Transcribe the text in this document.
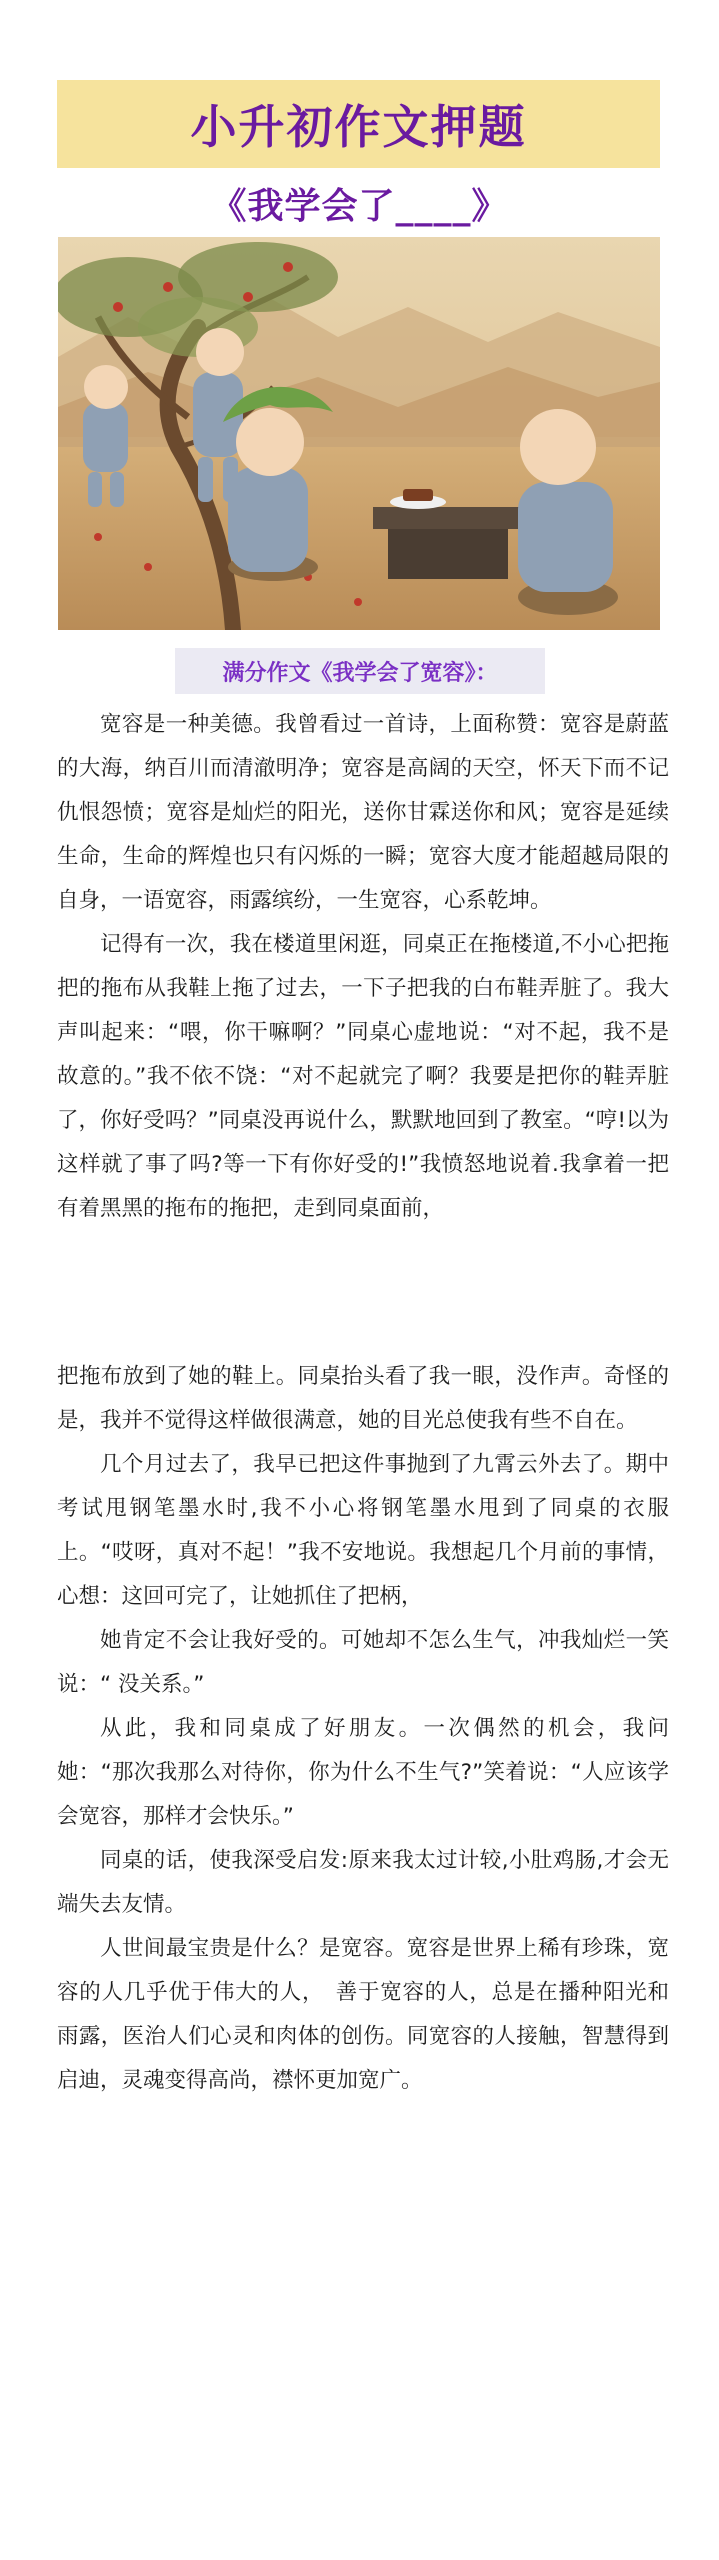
小升初作文押题
《我学会了____》
满分作文《我学会了宽容》：

宽容是一种美德。我曾看过一首诗，上面称赞：宽容是蔚蓝的大海，纳百川而清澈明净；宽容是高阔的天空，怀天下而不记仇恨怨愤；宽容是灿烂的阳光，送你甘霖送你和风；宽容是延续生命，生命的辉煌也只有闪烁的一瞬；宽容大度才能超越局限的自身，一语宽容，雨露缤纷，一生宽容，心系乾坤。

记得有一次，我在楼道里闲逛，同桌正在拖楼道,不小心把拖把的拖布从我鞋上拖了过去，一下子把我的白布鞋弄脏了。我大声叫起来：“喂，你干嘛啊？”同桌心虚地说：“对不起，我不是故意的。”我不依不饶：“对不起就完了啊？我要是把你的鞋弄脏了，你好受吗？”同桌没再说什么，默默地回到了教室。“哼!以为这样就了事了吗?等一下有你好受的!”我愤怒地说着.我拿着一把有着黑黑的拖布的拖把，走到同桌面前，

把拖布放到了她的鞋上。同桌抬头看了我一眼，没作声。奇怪的是，我并不觉得这样做很满意，她的目光总使我有些不自在。

几个月过去了，我早已把这件事抛到了九霄云外去了。期中考试甩钢笔墨水时,我不小心将钢笔墨水甩到了同桌的衣服上。“哎呀，真对不起！”我不安地说。我想起几个月前的事情，心想：这回可完了，让她抓住了把柄，

她肯定不会让我好受的。可她却不怎么生气，冲我灿烂一笑说：“ 没关系。”

从此，我和同桌成了好朋友。一次偶然的机会，我问她：“那次我那么对待你，你为什么不生气?”笑着说：“人应该学会宽容，那样才会快乐。”

同桌的话，使我深受启发:原来我太过计较,小肚鸡肠,才会无端失去友情。

人世间最宝贵是什么？是宽容。宽容是世界上稀有珍珠，宽容的人几乎优于伟大的人，　善于宽容的人，总是在播种阳光和雨露，医治人们心灵和肉体的创伤。同宽容的人接触，智慧得到启迪，灵魂变得高尚，襟怀更加宽广。
